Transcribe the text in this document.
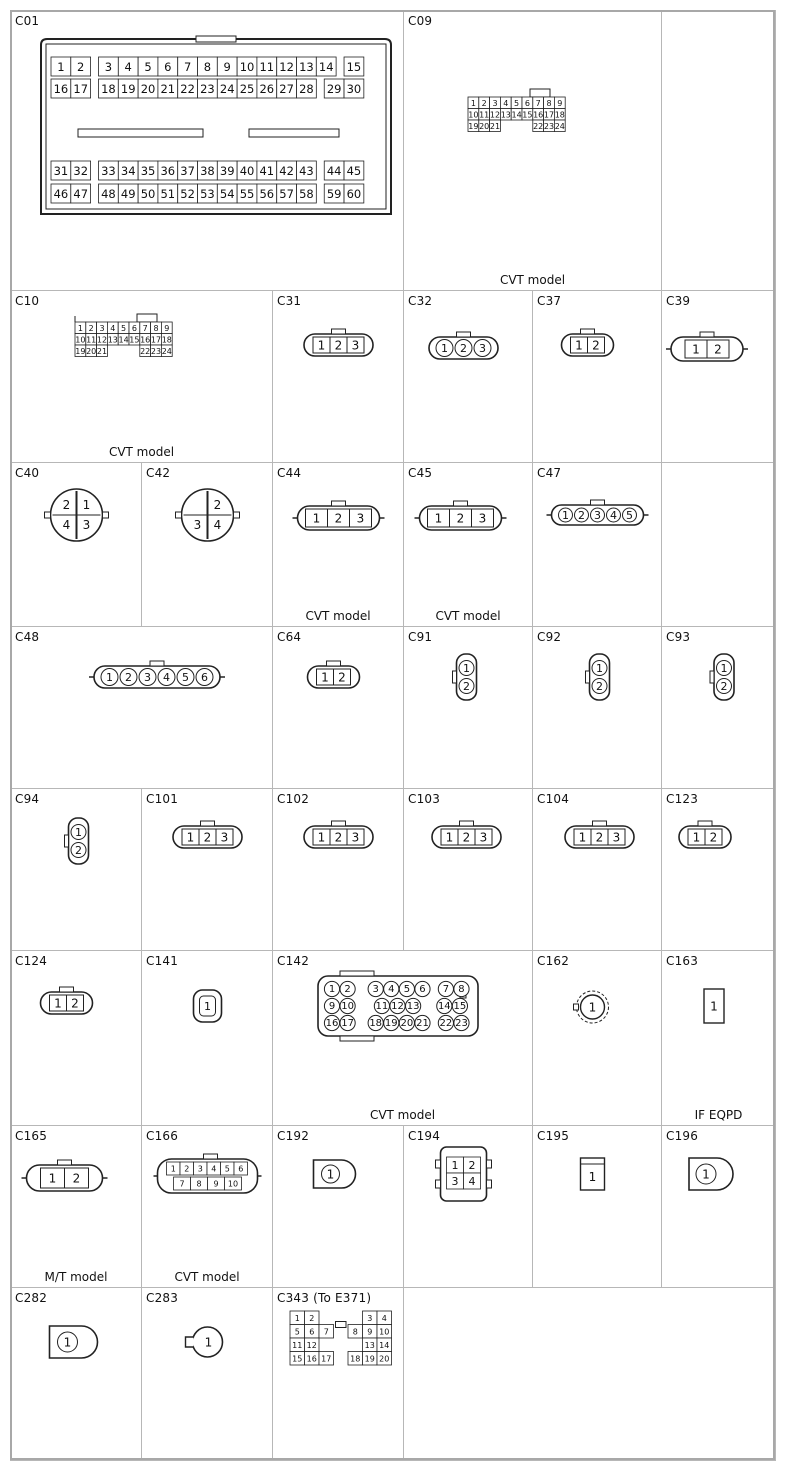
1 2 3 4 5 6 7 8 9 10 11 12 13 14 15
16 17 18 19 20 21 22 23 24 25 26 27 28 29 30
31 32 33 34 35 36 37 38 39 40 41 42 43 44 45
46 47 48 49 50 51 52 53 54 55 56 57 58 59 60
C01
1 2 3 4 5 6 7 8 9
10 11 12 13 14 15 16 17 18
19 20 21	22 23 24
C09
CVT model
1 2 3 4 5 6 7 8 9
10 11 12 13 14 15 16 17 18
19 20 21	22 23 24
C10
CVT model
1 2 3
C31
1 2 3
C32
1 2
C37
1 2
C39
2 1
4 3
C40
2
3 4
C42
1 2 3
C44
CVT model
1 2 3
C45
CVT model
1 2 3 4 5
C47
1 2 3 4 5 6
C48
1 2
C64
1
2
C91
1
2
C92
1
2
C93
1
2
C94
1 2 3
C101
1 2 3
C102
1 2 3
C103
1 2 3
C104
1 2
C123
1 2
C124
1
C141
1 2 3 4 5 6 7 8
9 10 11 12 13 14 15
16 17 18 19 20 21 22 23
C142
CVT model
1
C162
1
C163
IF EQPD
1 2
C165
M/T model
1 2 3 4 5 6
7 8 9 10
C166
CVT model
1
C192
1 2
3 4
C194
1
C195
1
C196
1
C282
1
C283
1 2	3 4
5 6 7	8 9 10
11 12	13 14
15 16 17 18 19 20
C343 (To E371)
